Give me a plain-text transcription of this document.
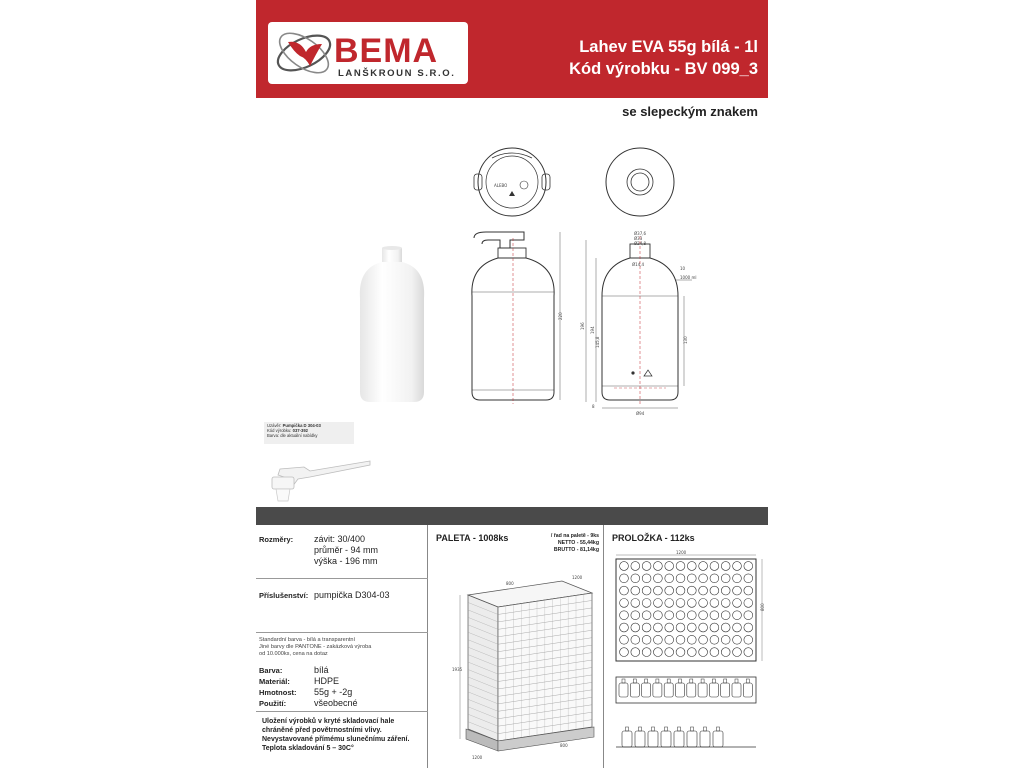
BEMA
LANŠKROUN S.R.O.
Lahev EVA 55g bílá - 1l
Kód výrobku - BV 099_3
se slepeckým znakem
ALEBO
220
Ø37,6
Ø33
Ø24,8
Ø14,4
1000 ml
196
194
145,8	130
Ø94
8
10
Uzávěr: Pumpička D 304-03
Kód výrobku: 037-392
Barva: dle aktuální nabídky
Rozměry: závit: 30/400
průměr - 94 mm
výška - 196 mm
Příslušenství: pumpička D304-03
Standardní barva - bílá a transparentní
Jiné barvy dle PANTONE - zakázková výroba
od 10.000ks, cena na dotaz
Barva:	bílá
Materiál:	HDPE
Hmotnost: 55g + -2g
Použití:	všeobecné
Uložení výrobků v kryté skladovací hale
chráněné před povětrnostními vlivy.
Nevystavované přímému slunečnímu záření.
Teplota skladování 5 – 30C°
PALETA - 1008ks	/ řad na paletě - 9ks
NETTO - 55,44kg
BRUTTO - 81,14kg
800
1200
1935
1200
800
PROLOŽKA - 112ks
1200
800
